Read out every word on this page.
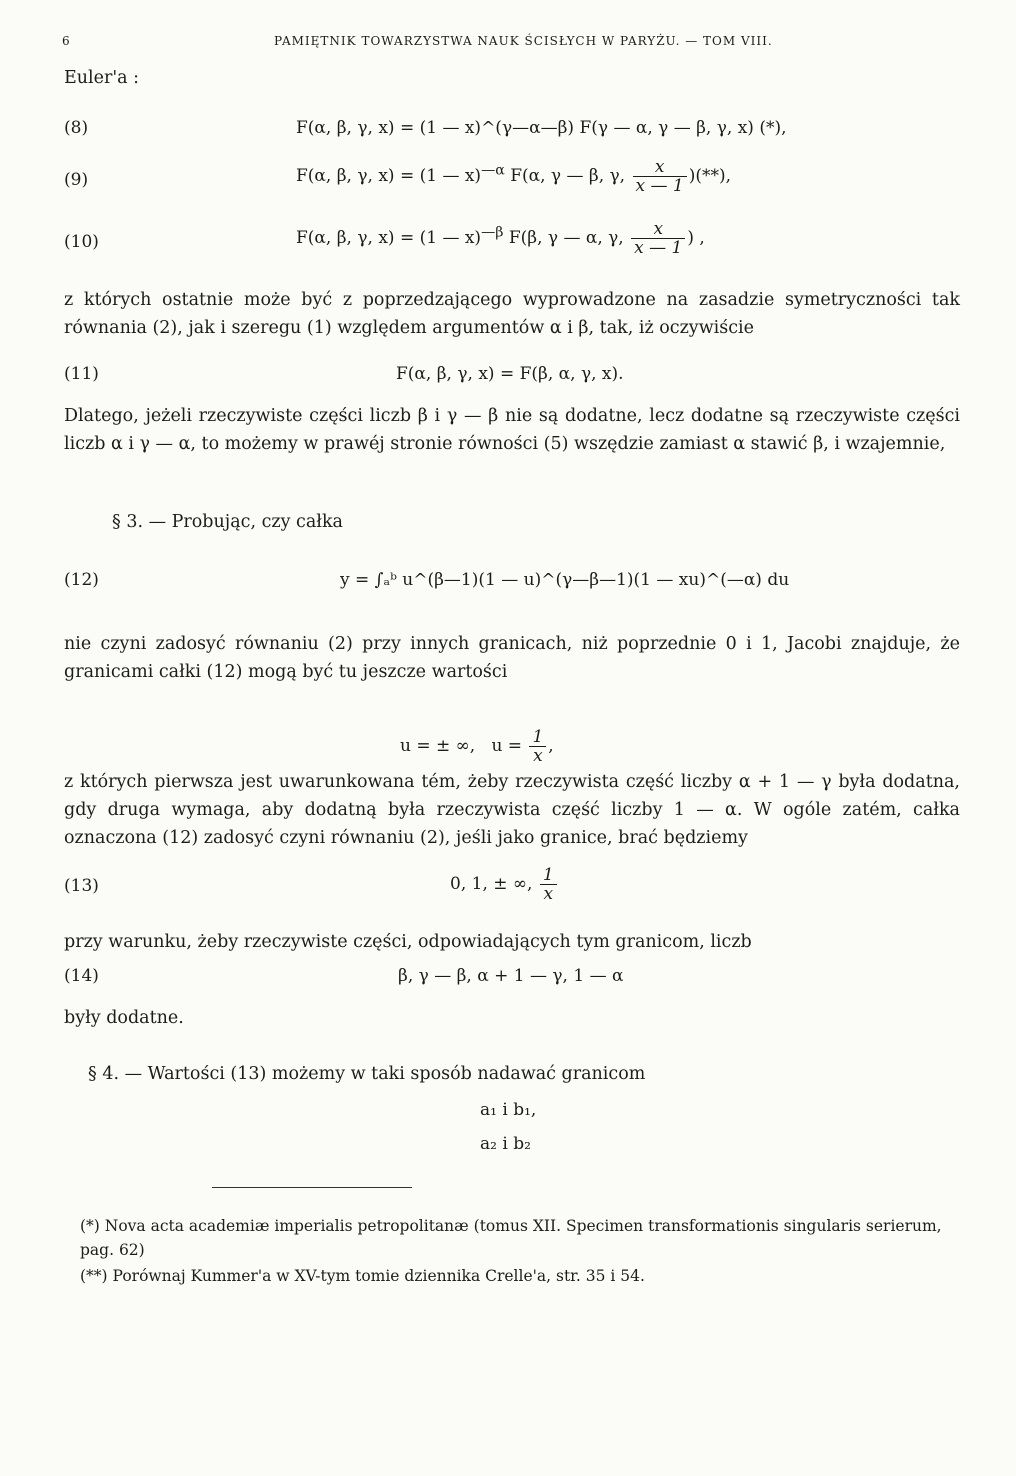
6	PAMIĘTNIK TOWARZYSTWA NAUK ŚCISŁYCH W PARYŻU. — TOM VIII.
Euler'a :
(8)	F(α, β, γ, x) = (1 — x)^(γ—α—β) F(γ — α, γ — β, γ, x) (*),
(9)	F(α, β, γ, x) = (1 — x)$^{—\alpha}$ F(α, γ — β, γ, $\frac{x}{x — 1}$ )(**),
(10)	F(α, β, γ, x) = (1 — x)$^{—\beta}$ F(β, γ — α, γ, $\frac{x}{x — 1}$ ) ,
z których ostatnie może być z poprzedzającego wyprowadzone na zasadzie symetryczności tak równania (2), jak i szeregu (1) względem argumentów α i β, tak, iż oczywiście
(11)	F(α, β, γ, x) = F(β, α, γ, x).
Dlatego, jeżeli rzeczywiste części liczb β i γ — β nie są dodatne, lecz dodatne są rzeczywiste części liczb α i γ — α, to możemy w prawéj stronie równości (5) wszędzie zamiast α stawić β, i wzajemnie,
§ 3. — Probując, czy całka
(12)	y = ∫ₐᵇ u^(β—1)(1 — u)^(γ—β—1)(1 — xu)^(—α) du
nie czyni zadosyć równaniu (2) przy innych granicach, niż poprzednie 0 i 1, Jacobi znajduje, że granicami całki (12) mogą być tu jeszcze wartości
u = ± ∞, $u = \frac{1}{x}$ ,
z których pierwsza jest uwarunkowana tém, żeby rzeczywista część liczby α + 1 — γ była dodatna, gdy druga wymaga, aby dodatną była rzeczywista część liczby 1 — α. W ogóle zatém, całka oznaczona (12) zadosyć czyni równaniu (2), jeśli jako granice, brać będziemy
(13)	0, 1, ± ∞, $\frac{1}{x}$
przy warunku, żeby rzeczywiste części, odpowiadających tym granicom, liczb
(14)	β, γ — β, α + 1 — γ, 1 — α
były dodatne.
§ 4. — Wartości (13) możemy w taki sposób nadawać granicom
a₁ i b₁,
a₂ i b₂
(*) Nova acta academiæ imperialis petropolitanæ (tomus XII. Specimen transformationis singularis serierum, pag. 62)
(**) Porównaj Kummer'a w XV-tym tomie dziennika Crelle'a, str. 35 i 54.
